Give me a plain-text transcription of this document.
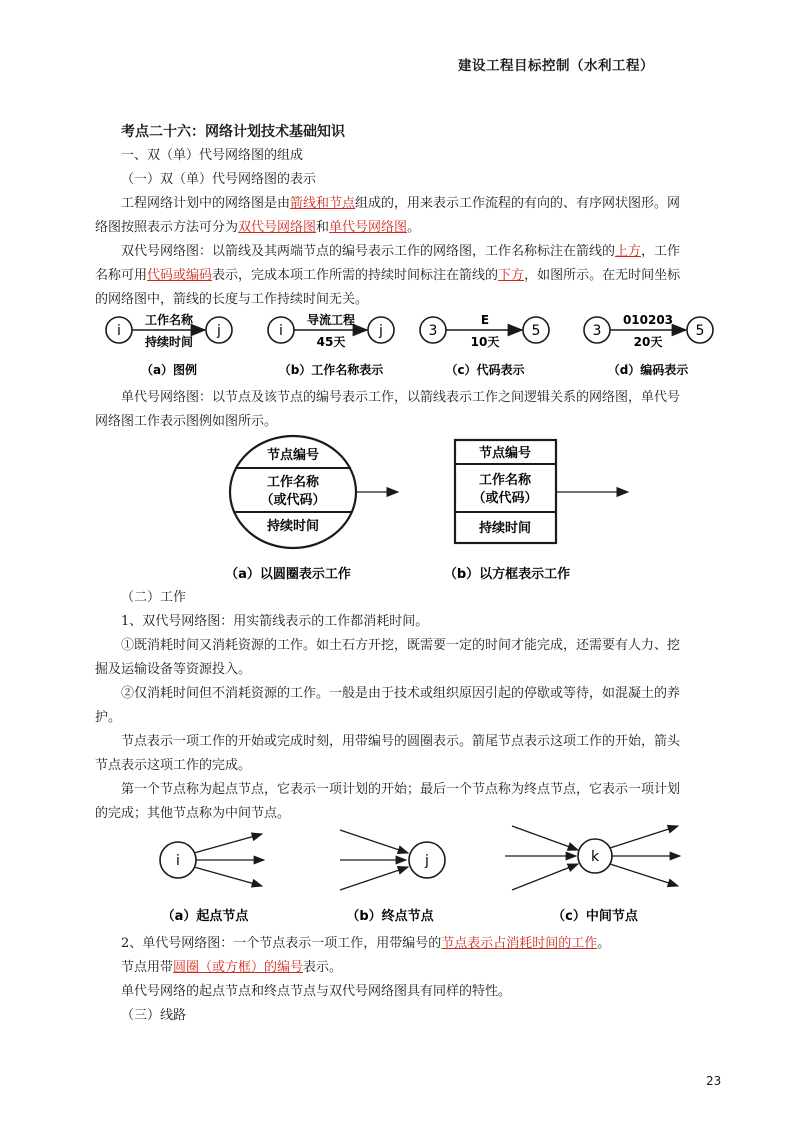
建设工程目标控制（水利工程）
考点二十六：网络计划技术基础知识
一、双（单）代号网络图的组成
（一）双（单）代号网络图的表示
工程网络计划中的网络图是由箭线和节点组成的，用来表示工作流程的有向的、有序网状图形。网
络图按照表示方法可分为双代号网络图和单代号网络图。
双代号网络图：以箭线及其两端节点的编号表示工作的网络图，工作名称标注在箭线的上方，工作
名称可用代码或编码表示，完成本项工作所需的持续时间标注在箭线的下方，如图所示。在无时间坐标
的网络图中，箭线的长度与工作持续时间无关。
i
工作名称
持续时间
j
（a）图例
i
导流工程
45天
j
（b）工作名称表示
3
E
10天
5
（c）代码表示
3
010203
20天
5
（d）编码表示
单代号网络图：以节点及该节点的编号表示工作，以箭线表示工作之间逻辑关系的网络图，单代号
网络图工作表示图例如图所示。
节点编号
工作名称
（或代码）
持续时间
（a）以圆圈表示工作
节点编号
工作名称
（或代码）
持续时间
（b）以方框表示工作
（二）工作
1、双代号网络图：用实箭线表示的工作都消耗时间。
①既消耗时间又消耗资源的工作。如土石方开挖，既需要一定的时间才能完成，还需要有人力、挖
掘及运输设备等资源投入。
②仅消耗时间但不消耗资源的工作。一般是由于技术或组织原因引起的停歇或等待，如混凝土的养
护。
节点表示一项工作的开始或完成时刻，用带编号的圆圈表示。箭尾节点表示这项工作的开始，箭头
节点表示这项工作的完成。
第一个节点称为起点节点，它表示一项计划的开始；最后一个节点称为终点节点，它表示一项计划
的完成；其他节点称为中间节点。
i
（a）起点节点
j
（b）终点节点
k
（c）中间节点
2、单代号网络图：一个节点表示一项工作，用带编号的节点表示占消耗时间的工作。
节点用带圆圈（或方框）的编号表示。
单代号网络的起点节点和终点节点与双代号网络图具有同样的特性。
（三）线路
23
